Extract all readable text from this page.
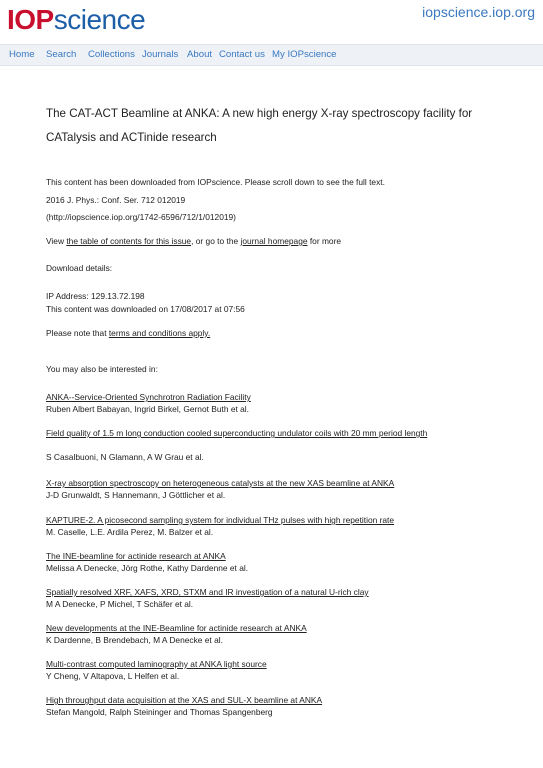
IOPscience	iopscience.iop.org
Home Search Collections Journals About Contact us My IOPscience
The CAT-ACT Beamline at ANKA: A new high energy X-ray spectroscopy facility for
CATalysis and ACTinide research
This content has been downloaded from IOPscience. Please scroll down to see the full text.
2016 J. Phys.: Conf. Ser. 712 012019
(http://iopscience.iop.org/1742-6596/712/1/012019)
View the table of contents for this issue, or go to the journal homepage for more
Download details:
IP Address: 129.13.72.198
This content was downloaded on 17/08/2017 at 07:56
Please note that terms and conditions apply.
You may also be interested in:
ANKA--Service-Oriented Synchrotron Radiation Facility
Ruben Albert Babayan, Ingrid Birkel, Gernot Buth et al.
Field quality of 1.5 m long conduction cooled superconducting undulator coils with 20 mm period length
S Casalbuoni, N Glamann, A W Grau et al.
X-ray absorption spectroscopy on heterogeneous catalysts at the new XAS beamline at ANKA
J-D Grunwaldt, S Hannemann, J Göttlicher et al.
KAPTURE-2. A picosecond sampling system for individual THz pulses with high repetition rate
M. Caselle, L.E. Ardila Perez, M. Balzer et al.
The INE-beamline for actinide research at ANKA
Melissa A Denecke, Jörg Rothe, Kathy Dardenne et al.
Spatially resolved XRF, XAFS, XRD, STXM and IR investigation of a natural U-rich clay
M A Denecke, P Michel, T Schäfer et al.
New developments at the INE-Beamline for actinide research at ANKA
K Dardenne, B Brendebach, M A Denecke et al.
Multi-contrast computed laminography at ANKA light source
Y Cheng, V Altapova, L Helfen et al.
High throughput data acquisition at the XAS and SUL-X beamline at ANKA
Stefan Mangold, Ralph Steininger and Thomas Spangenberg
